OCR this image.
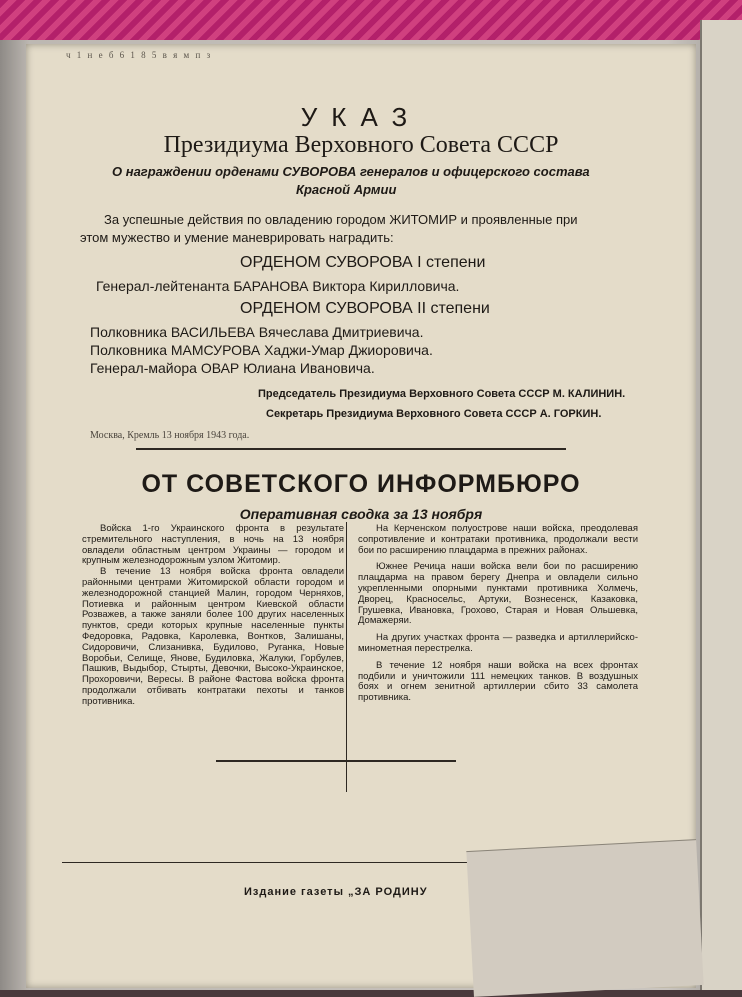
ч 1 н е б 6 1 8 5 в я м п з
УКАЗ
Президиума Верховного Совета СССР
О награждении орденами СУВОРОВА генералов и офицерского состава
Красной Армии
За успешные действия по овладению городом ЖИТОМИР и проявленные при
этом мужество и умение маневрировать наградить:
ОРДЕНОМ СУВОРОВА I степени
Генерал-лейтенанта БАРАНОВА Виктора Кирилловича.
ОРДЕНОМ СУВОРОВА II степени
Полковника ВАСИЛЬЕВА Вячеслава Дмитриевича.
Полковника МАМСУРОВА Хаджи-Умар Джиоровича.
Генерал-майора ОВАР Юлиана Ивановича.
Председатель Президиума Верховного Совета СССР М. КАЛИНИН.
Секретарь Президиума Верховного Совета СССР А. ГОРКИН.
Москва, Кремль 13 ноября 1943 года.
ОТ СОВЕТСКОГО ИНФОРМБЮРО
Оперативная сводка за 13 ноября

Войска 1-го Украинского фронта в результате стремительного наступления, в ночь на 13 ноября овладели областным центром Украины — городом и крупным железнодорожным узлом Житомир.

В течение 13 ноября войска фронта овладели районными центрами Житомирской области городом и железнодорожной станцией Малин, городом Черняхов, Потиевка и районным центром Киевской области Розважев, а также заняли более 100 других населенных пунктов, среди которых крупные населенные пункты Федоровка, Радовка, Каролевка, Вонтков, Залишаны, Сидоровичи, Слизанивка, Будилово, Руганка, Новые Воробьи, Селище, Янове, Будиловка, Жалуки, Горбулев, Пашкив, Выдыбор, Стырты, Девочки, Высоко-Украинское, Прохоровичи, Вересы. В районе Фастова войска фронта продолжали отбивать контратаки пехоты и танков противника.

На Керченском полуострове наши войска, преодолевая сопротивление и контратаки противника, продолжали вести бои по расширению плацдарма в прежних районах.

Южнее Речица наши войска вели бои по расширению плацдарма на правом берегу Днепра и овладели сильно укрепленными опорными пунктами противника Холмечь, Дворец, Красносельс, Артуки, Вознесенск, Казаковка, Грушевка, Ивановка, Грохово, Старая и Новая Ольшевка, Домажеряи.

На других участках фронта — разведка и артиллерийско-минометная перестрелка.

В течение 12 ноября наши войска на всех фронтах подбили и уничтожили 111 немецких танков. В воздушных боях и огнем зенитной артиллерии сбито 33 самолета противника.

Издание газеты „ЗА РОДИНУ
